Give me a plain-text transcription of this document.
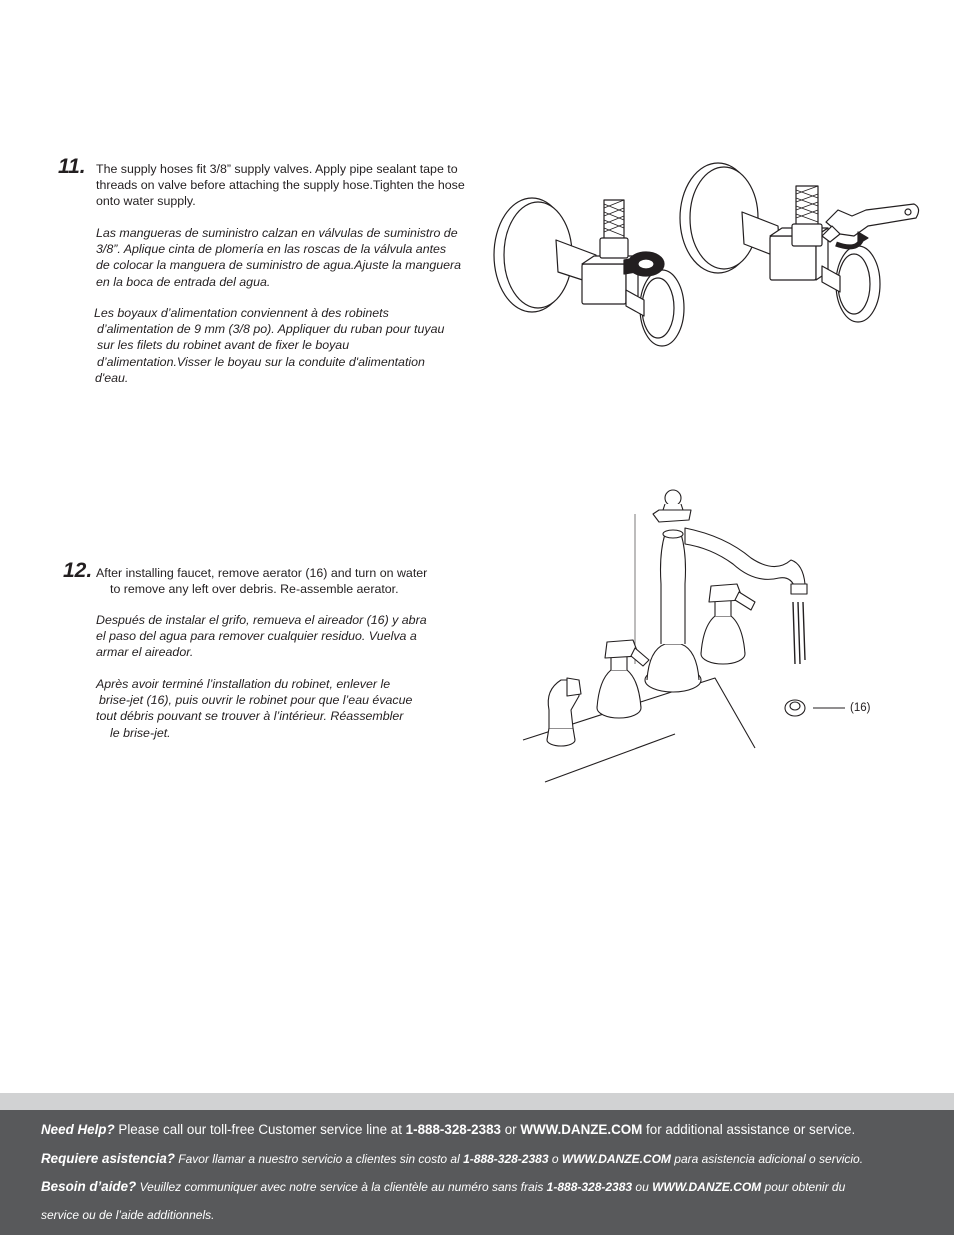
11. The supply hoses fit 3/8” supply valves. Apply pipe sealant tape to
threads on valve before attaching the supply hose.Tighten the hose
onto water supply.
Las mangueras de suministro calzan en válvulas de suministro de
3/8”. Aplique cinta de plomería en las roscas de la válvula antes
de colocar la manguera de suministro de agua.Ajuste la manguera
en la boca de entrada del agua.
Les boyaux d’alimentation conviennent à des robinets
d’alimentation de 9 mm (3/8 po). Appliquer du ruban pour tuyau
sur les filets du robinet avant de fixer le boyau
d’alimentation.Visser le boyau sur la conduite d'alimentation
d'eau.
12. After installing faucet, remove aerator (16) and turn on water
to remove any left over debris. Re-assemble aerator.
Después de instalar el grifo, remueva el aireador (16) y abra
el paso del agua para remover cualquier residuo. Vuelva a
armar el aireador.
Après avoir terminé l’installation du robinet, enlever le
brise-jet (16), puis ouvrir le robinet pour que l’eau évacue
tout débris pouvant se trouver à l’intérieur. Réassembler
le brise-jet.
(16)
Need Help? Please call our toll-free Customer service line at 1-888-328-2383 or WWW.DANZE.COM for additional assistance or service.
Requiere asistencia? Favor llamar a nuestro servicio a clientes sin costo al 1-888-328-2383 o WWW.DANZE.COM para asistencia adicional o servicio.
Besoin d’aide? Veuillez communiquer avec notre service à la clientèle au numéro sans frais 1-888-328-2383 ou WWW.DANZE.COM pour obtenir du
service ou de l’aide additionnels.
